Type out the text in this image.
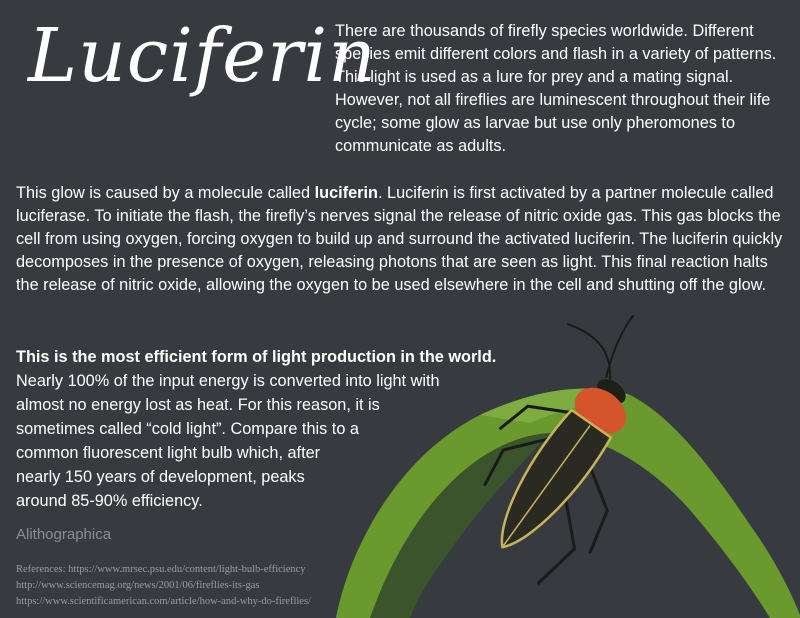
Luciferin
There are thousands of firefly species worldwide. Different species emit different colors and flash in a variety of patterns. This light is used as a lure for prey and a mating signal. However, not all fireflies are luminescent throughout their life cycle; some glow as larvae but use only pheromones to communicate as adults.
This glow is caused by a molecule called luciferin. Luciferin is first activated by a partner molecule called luciferase. To initiate the flash, the firefly’s nerves signal the release of nitric oxide gas. This gas blocks the cell from using oxygen, forcing oxygen to build up and surround the activated luciferin. The luciferin quickly decomposes in the presence of oxygen, releasing photons that are seen as light. This final reaction halts the release of nitric oxide, allowing the oxygen to be used elsewhere in the cell and shutting off the glow.
This is the most efficient form of light production in the world.
Nearly 100% of the input energy is converted into light with
almost no energy lost as heat. For this reason, it is
sometimes called “cold light”. Compare this to a
common fluorescent light bulb which, after
nearly 150 years of development, peaks
around 85-90% efficiency.
Alithographica
References: https://www.mrsec.psu.edu/content/light-bulb-efficiency
http://www.sciencemag.org/news/2001/06/fireflies-its-gas
https://www.scientificamerican.com/article/how-and-why-do-fireflies/
